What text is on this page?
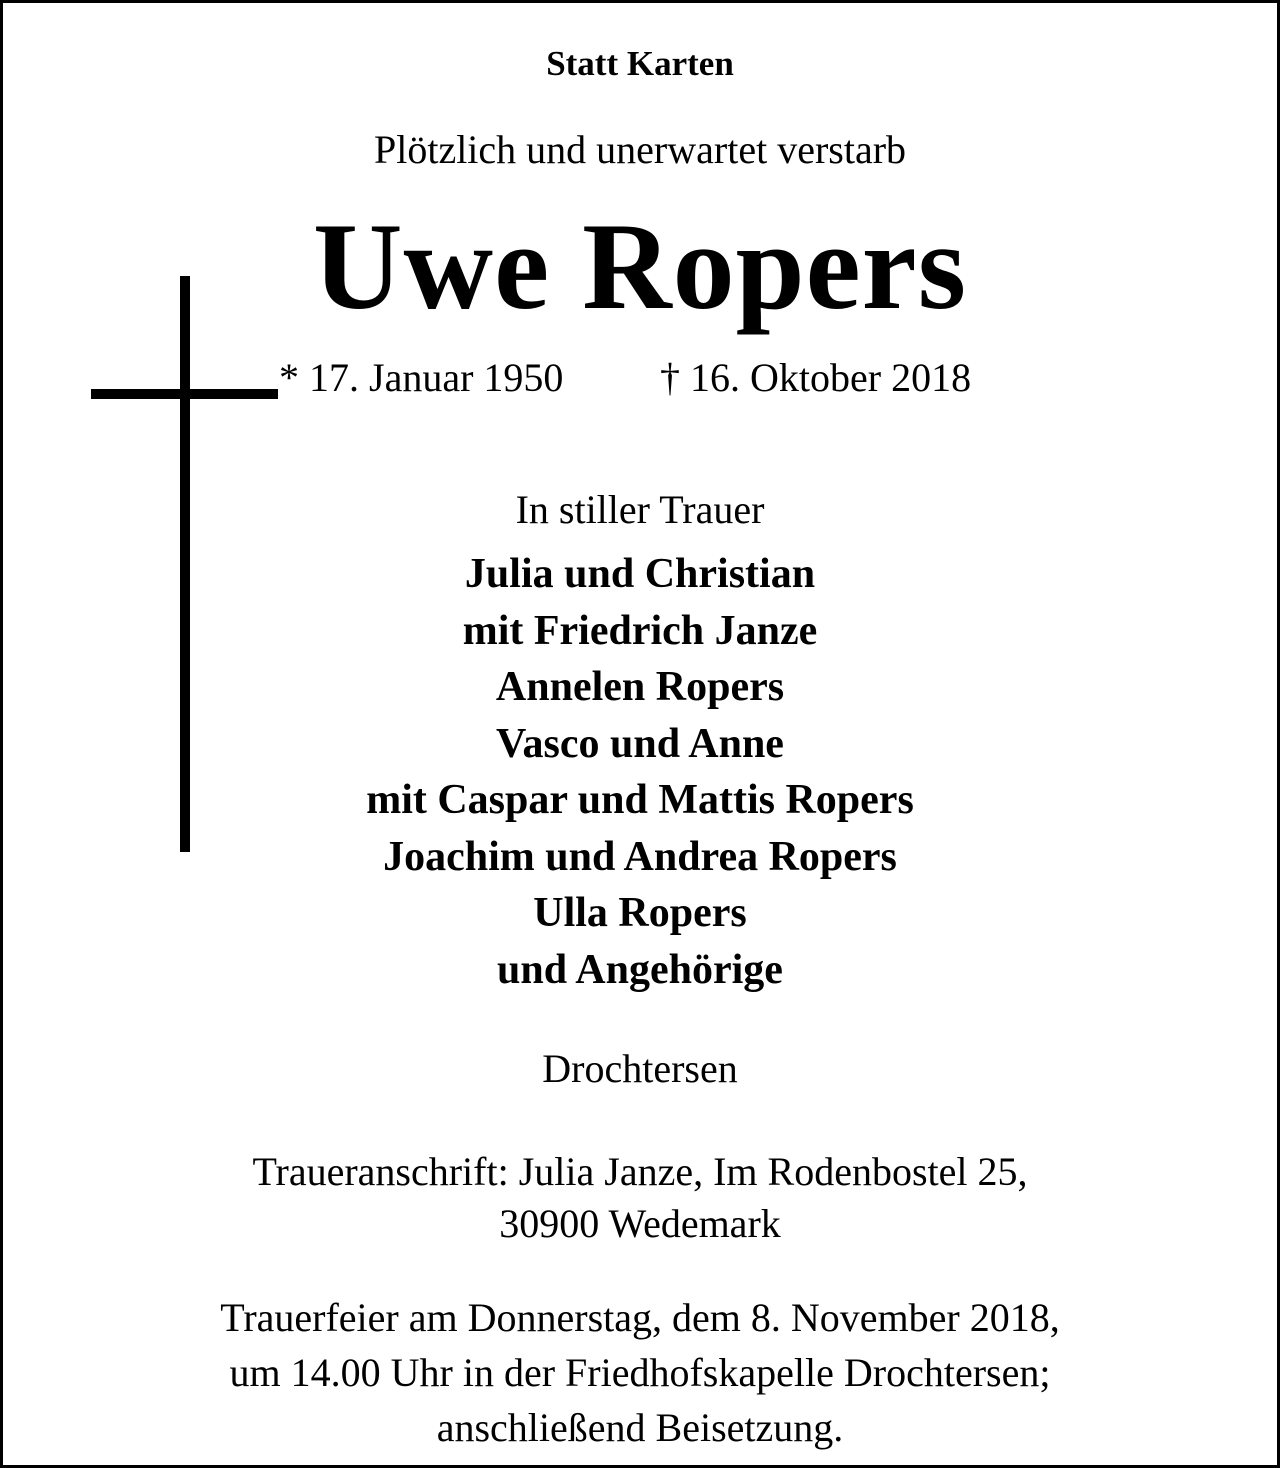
Statt Karten
Plötzlich und unerwartet verstarb
Uwe Ropers
* 17. Januar 1950 † 16. Oktober 2018
In stiller Trauer
Julia und Christian
mit Friedrich Janze
Annelen Ropers
Vasco und Anne
mit Caspar und Mattis Ropers
Joachim und Andrea Ropers
Ulla Ropers
und Angehörige
Drochtersen
Traueranschrift: Julia Janze, Im Rodenbostel 25,
30900 Wedemark
Trauerfeier am Donnerstag, dem 8. November 2018,
um 14.00 Uhr in der Friedhofskapelle Drochtersen;
anschließend Beisetzung.
